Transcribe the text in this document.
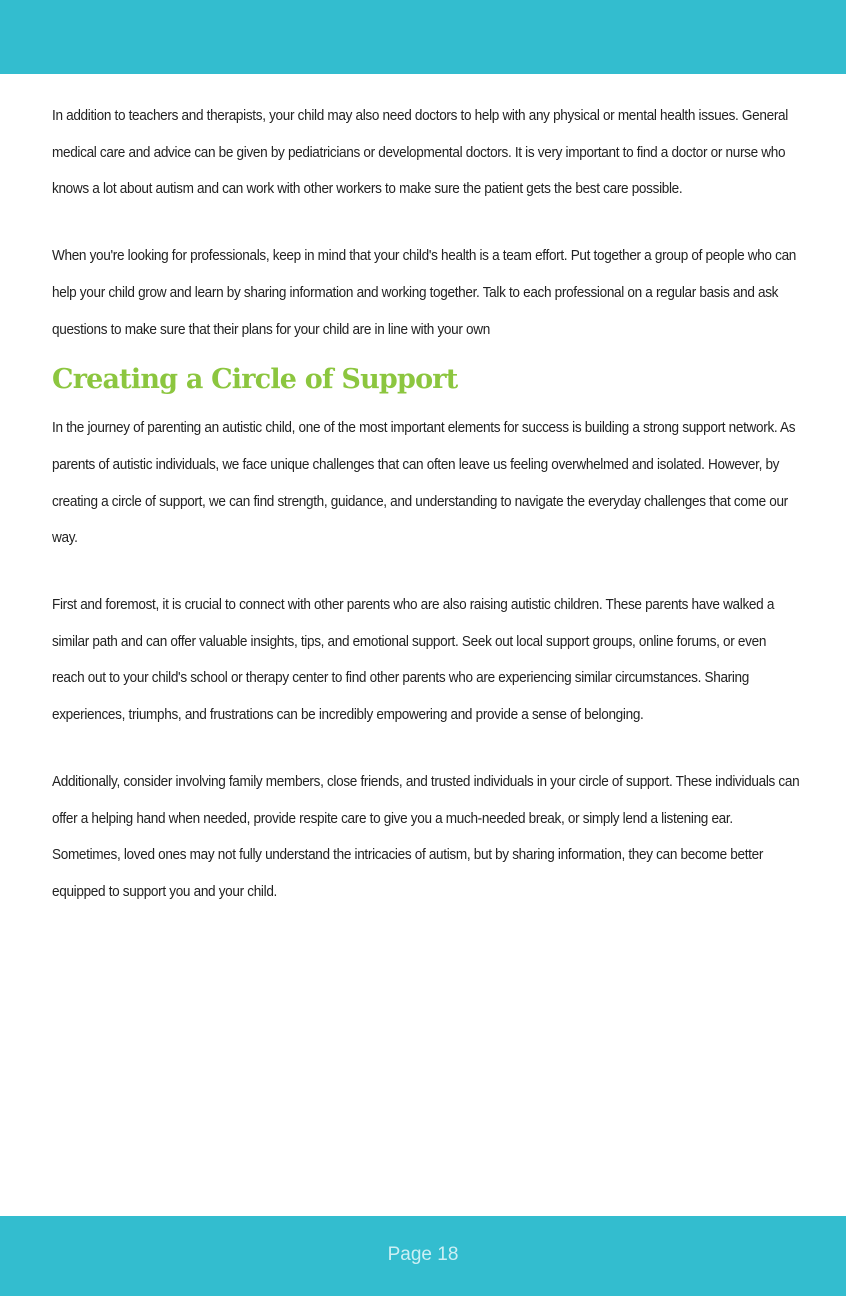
In addition to teachers and therapists, your child may also need doctors to help with any physical or mental health issues. General medical care and advice can be given by pediatricians or developmental doctors. It is very important to find a doctor or nurse who knows a lot about autism and can work with other workers to make sure the patient gets the best care possible.

When you're looking for professionals, keep in mind that your child's health is a team effort. Put together a group of people who can help your child grow and learn by sharing information and working together. Talk to each professional on a regular basis and ask questions to make sure that their plans for your child are in line with your own

Creating a Circle of Support

In the journey of parenting an autistic child, one of the most important elements for success is building a strong support network. As parents of autistic individuals, we face unique challenges that can often leave us feeling overwhelmed and isolated. However, by creating a circle of support, we can find strength, guidance, and understanding to navigate the everyday challenges that come our way.

First and foremost, it is crucial to connect with other parents who are also raising autistic children. These parents have walked a similar path and can offer valuable insights, tips, and emotional support. Seek out local support groups, online forums, or even reach out to your child's school or therapy center to find other parents who are experiencing similar circumstances. Sharing experiences, triumphs, and frustrations can be incredibly empowering and provide a sense of belonging.

Additionally, consider involving family members, close friends, and trusted individuals in your circle of support. These individuals can offer a helping hand when needed, provide respite care to give you a much-needed break, or simply lend a listening ear. Sometimes, loved ones may not fully understand the intricacies of autism, but by sharing information, they can become better equipped to support you and your child.

Page 18
